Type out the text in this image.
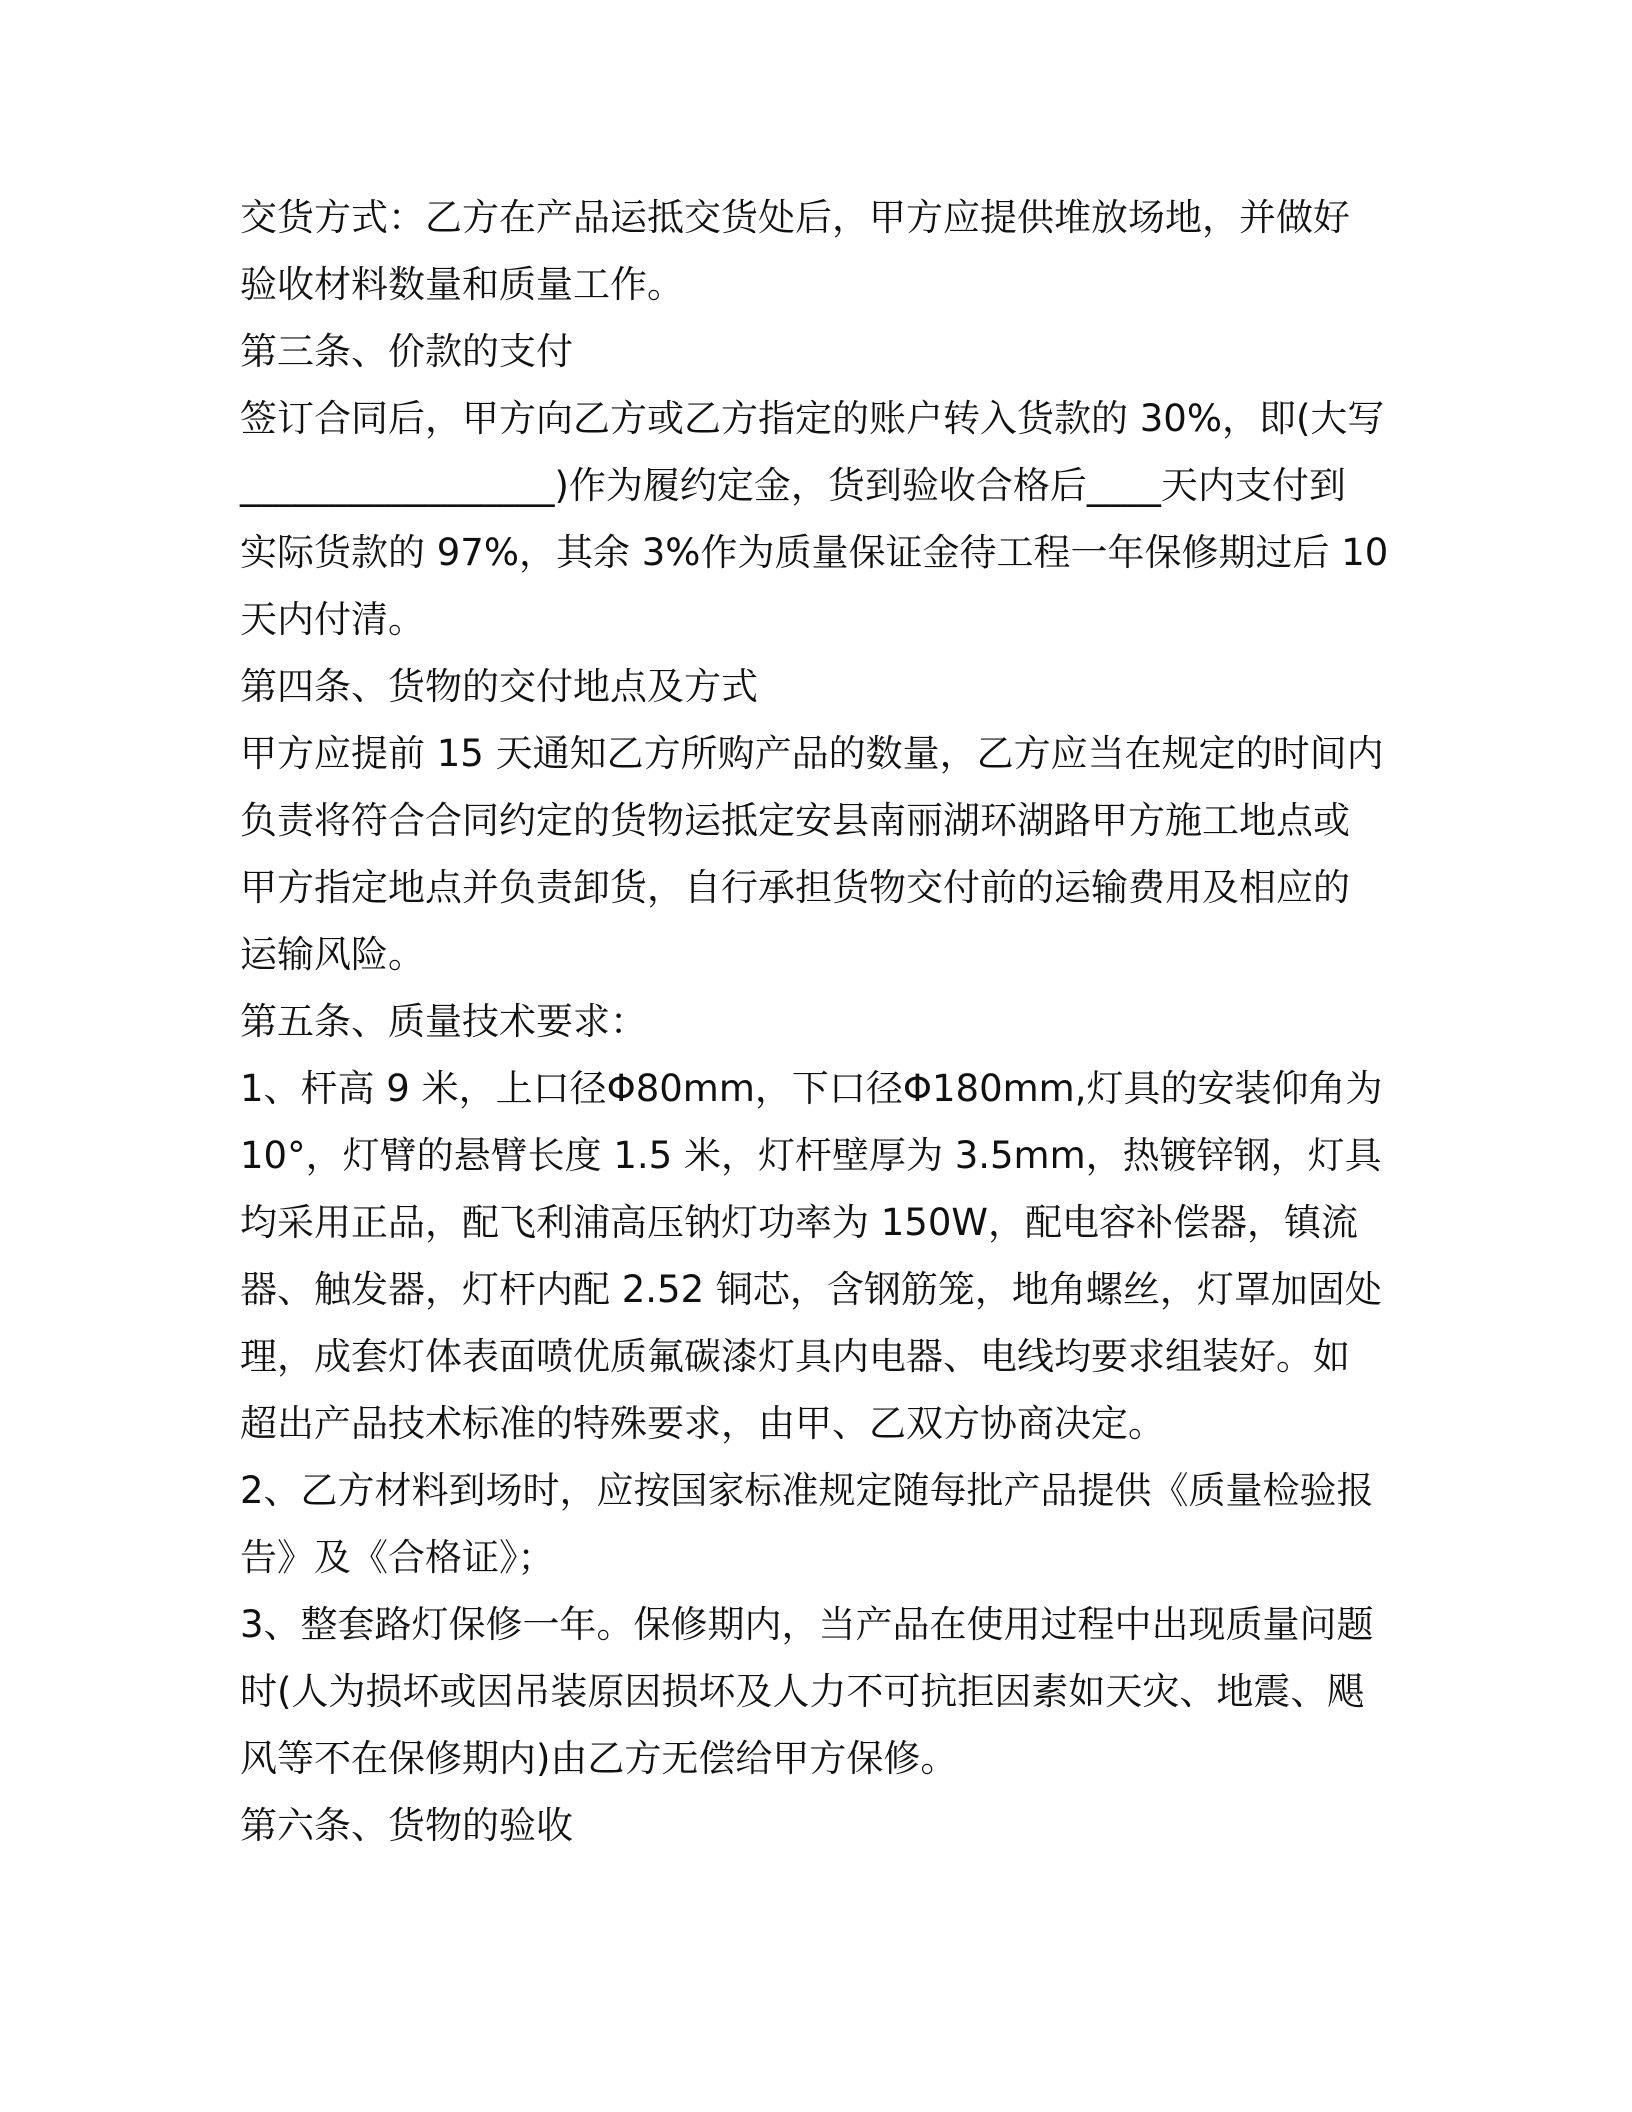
交货方式：乙方在产品运抵交货处后，甲方应提供堆放场地，并做好
验收材料数量和质量工作。
第三条、价款的支付
签订合同后，甲方向乙方或乙方指定的账户转入货款的 30%，即(大写
_________________)作为履约定金，货到验收合格后____天内支付到
实际货款的 97%，其余 3%作为质量保证金待工程一年保修期过后 10
天内付清。
第四条、货物的交付地点及方式
甲方应提前 15 天通知乙方所购产品的数量，乙方应当在规定的时间内
负责将符合合同约定的货物运抵定安县南丽湖环湖路甲方施工地点或
甲方指定地点并负责卸货，自行承担货物交付前的运输费用及相应的
运输风险。
第五条、质量技术要求：
1、杆高 9 米，上口径Φ80mm，下口径Φ180mm,灯具的安装仰角为
10°，灯臂的悬臂长度 1.5 米，灯杆壁厚为 3.5mm，热镀锌钢，灯具
均采用正品，配飞利浦高压钠灯功率为 150W，配电容补偿器，镇流
器、触发器，灯杆内配 2.52 铜芯，含钢筋笼，地角螺丝，灯罩加固处
理，成套灯体表面喷优质氟碳漆灯具内电器、电线均要求组装好。如
超出产品技术标准的特殊要求，由甲、乙双方协商决定。
2、乙方材料到场时，应按国家标准规定随每批产品提供《质量检验报
告》及《合格证》；
3、整套路灯保修一年。保修期内，当产品在使用过程中出现质量问题
时(人为损坏或因吊装原因损坏及人力不可抗拒因素如天灾、地震、飓
风等不在保修期内)由乙方无偿给甲方保修。
第六条、货物的验收
